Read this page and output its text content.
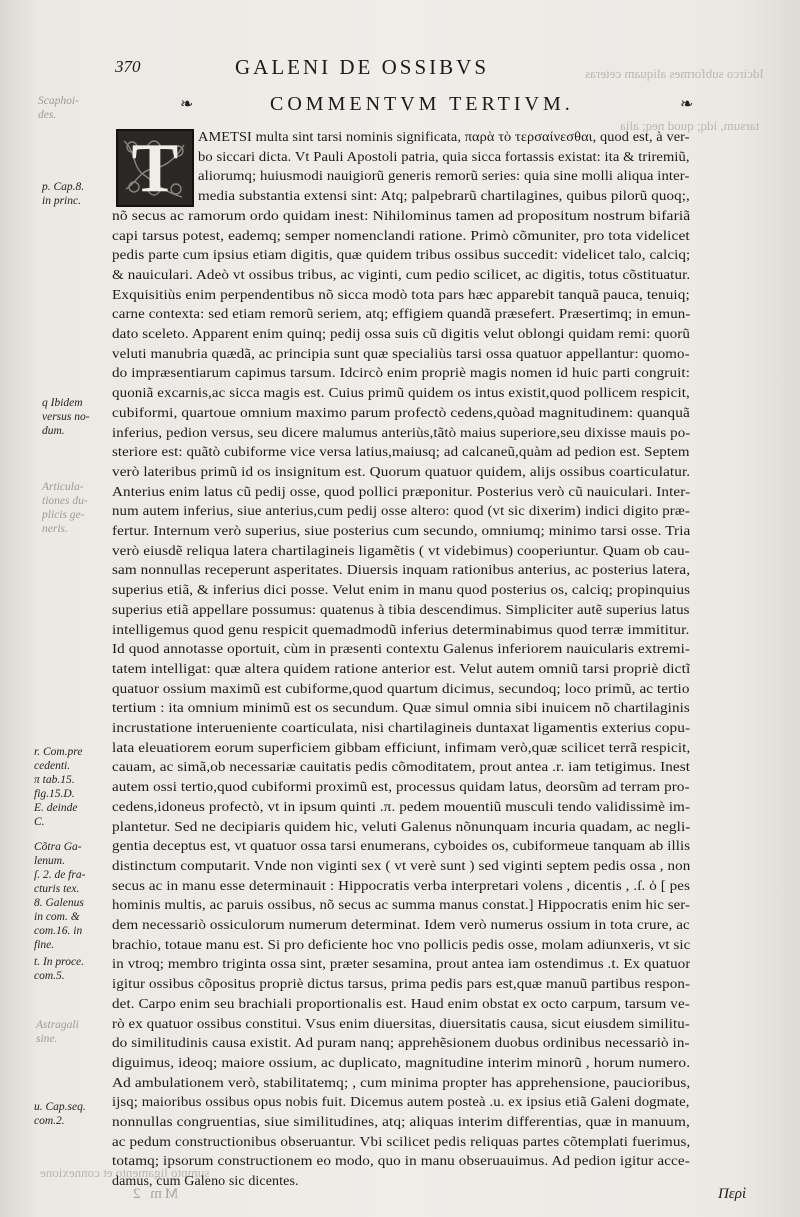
Idcirco subformes aliquam ceteras
tarsum, idq; quod neq; alia
sumpto ligamento et connexione
370	GALENI DE OSSIBVS
❧	COMMENTVM TERTIVM.	❧
T	AMETSI multa sint tarsi nominis significata, παρὰ τὸ τερσαίνεσθαι, quod est, à ver-
bo siccari dicta. Vt Pauli Apostoli patria, quia sicca fortassis existat: ita & triremiũ,
aliorumq; huiusmodi nauigiorũ generis remorũ series: quia sine molli aliqua inter-
media substantia extensi sint: Atq; palpebrarũ chartilagines, quibus pilorũ quoq;,
nõ secus ac ramorum ordo quidam inest: Nihilominus tamen ad propositum nostrum bifariã
capi tarsus potest, eademq; semper nomenclandi ratione. Primò cõmuniter, pro tota videlicet
pedis parte cum ipsius etiam digitis, quæ quidem tribus ossibus succedit: videlicet talo, calciq;
& nauiculari. Adeò vt ossibus tribus, ac viginti, cum pedio scilicet, ac digitis, totus cõstituatur.
Exquisitiùs enim perpendentibus nõ sicca modò tota pars hæc apparebit tanquã pauca, tenuiq;
carne contexta: sed etiam remorũ seriem, atq; effigiem quandã præsefert. Præsertimq; in emun-
dato sceleto. Apparent enim quinq; pedij ossa suis cũ digitis velut oblongi quidam remi: quorũ
veluti manubria quædã, ac principia sunt quæ specialiùs tarsi ossa quatuor appellantur: quomo-
do impræsentiarum capimus tarsum. Idcircò enim propriè magis nomen id huic parti congruit:
quoniã excarnis,ac sicca magis est. Cuius primũ quidem os intus existit,quod pollicem respicit,
cubiformi, quartoue omnium maximo parum profectò cedens,quòad magnitudinem: quanquã
inferius, pedion versus, seu dicere malumus anteriùs,tãtò maius superiore,seu dixisse mauis po-
steriore est: quãtò cubiforme vice versa latius,maiusq; ad calcaneũ,quàm ad pedion est. Septem
verò lateribus primũ id os insignitum est. Quorum quatuor quidem, alijs ossibus coarticulatur.
Anterius enim latus cũ pedij osse, quod pollici præponitur. Posterius verò cũ nauiculari. Inter-
num autem inferius, siue anterius,cum pedij osse altero: quod (vt sic dixerim) indici digito præ-
fertur. Internum verò superius, siue posterius cum secundo, omniumq; minimo tarsi osse. Tria
verò eiusdẽ reliqua latera chartilagineis ligamẽtis ( vt videbimus) cooperiuntur. Quam ob cau-
sam nonnullas receperunt asperitates. Diuersis inquam rationibus anterius, ac posterius latera,
superius etiã, & inferius dici posse. Velut enim in manu quod posterius os, calciq; propinquius
superius etiã appellare possumus: quatenus à tibia descendimus. Simpliciter autẽ superius latus
intelligemus quod genu respicit quemadmodũ inferius determinabimus quod terræ immititur.
Id quod annotasse oportuit, cùm in præsenti contextu Galenus inferiorem nauicularis extremi-
tatem intelligat: quæ altera quidem ratione anterior est. Velut autem omniũ tarsi propriè dictĩ
quatuor ossium maximũ est cubiforme,quod quartum dicimus, secundoq; loco primũ, ac tertio
tertium : ita omnium minimũ est os secundum. Quæ simul omnia sibi inuicem nõ chartilaginis
incrustatione interueniente coarticulata, nisi chartilagineis duntaxat ligamentis exterius copu-
lata eleuatiorem eorum superficiem gibbam efficiunt, infimam verò,quæ scilicet terrã respicit,
cauam, ac simã,ob necessariæ cauitatis pedis cõmoditatem, prout antea .r. iam tetigimus. Inest
autem ossi tertio,quod cubiformi proximũ est, processus quidam latus, deorsũm ad terram pro-
cedens,idoneus profectò, vt in ipsum quinti .π. pedem mouentiũ musculi tendo validissimè im-
plantetur. Sed ne decipiaris quidem hic, veluti Galenus nõnunquam incuria quadam, ac negli-
gentia deceptus est, vt quatuor ossa tarsi enumerans, cyboides os, cubiformeue tanquam ab illis
distinctum computarit. Vnde non viginti sex ( vt verè sunt ) sed viginti septem pedis ossa , non
secus ac in manu esse determinauit : Hippocratis verba interpretari volens , dicentis , .ſ. ὁ [ pes
hominis multis, ac paruis ossibus, nõ secus ac summa manus constat.] Hippocratis enim hic ser-
dem necessariò ossiculorum numerum determinat. Idem verò numerus ossium in tota crure, ac
brachio, totaue manu est. Si pro deficiente hoc vno pollicis pedis osse, molam adiunxeris, vt sic
in vtroq; membro triginta ossa sint, præter sesamina, prout antea iam ostendimus .t. Ex quatuor
igitur ossibus cõpositus propriè dictus tarsus, prima pedis pars est,quæ manuũ partibus respon-
det. Carpo enim seu brachiali proportionalis est. Haud enim obstat ex octo carpum, tarsum ve-
rò ex quatuor ossibus constitui. Vsus enim diuersitas, diuersitatis causa, sicut eiusdem similitu-
do similitudinis causa existit. Ad puram nanq; apprehẽsionem duobus ordinibus necessariò in-
diguimus, ideoq; maiore ossium, ac duplicato, magnitudine interim minorũ , horum numero.
Ad ambulationem verò, stabilitatemq; , cum minima propter has apprehensione, paucioribus,
ijsq; maioribus ossibus opus nobis fuit. Dicemus autem posteà .u. ex ipsius etiã Galeni dogmate,
nonnullas congruentias, siue similitudines, atq; aliquas interim differentias, quæ in manuum,
ac pedum constructionibus obseruantur. Vbi scilicet pedis reliquas partes cõtemplati fuerimus,
totamq; ipsorum constructionem eo modo, quo in manu obseruauimus. Ad pedion igitur acce-
damus, cum Galeno sic dicentes.
Scaphoi-
des.
p. Cap.8.
in princ.
q Ibidem
versus no-
dum.
Articula-
tiones du-
plicis ge-
neris.
r. Com.pre
cedenti.
π tab.15.
fig.15.D.
E. deinde
C.
Cõtra Ga-
lenum.
ſ. 2. de fra-
cturis tex.
8. Galenus
in com. &
com.16. in
fine.
t. In proce.
com.5.
Astragali
sine.
u. Cap.seq.
com.2.
Mm 2	Περὶ
